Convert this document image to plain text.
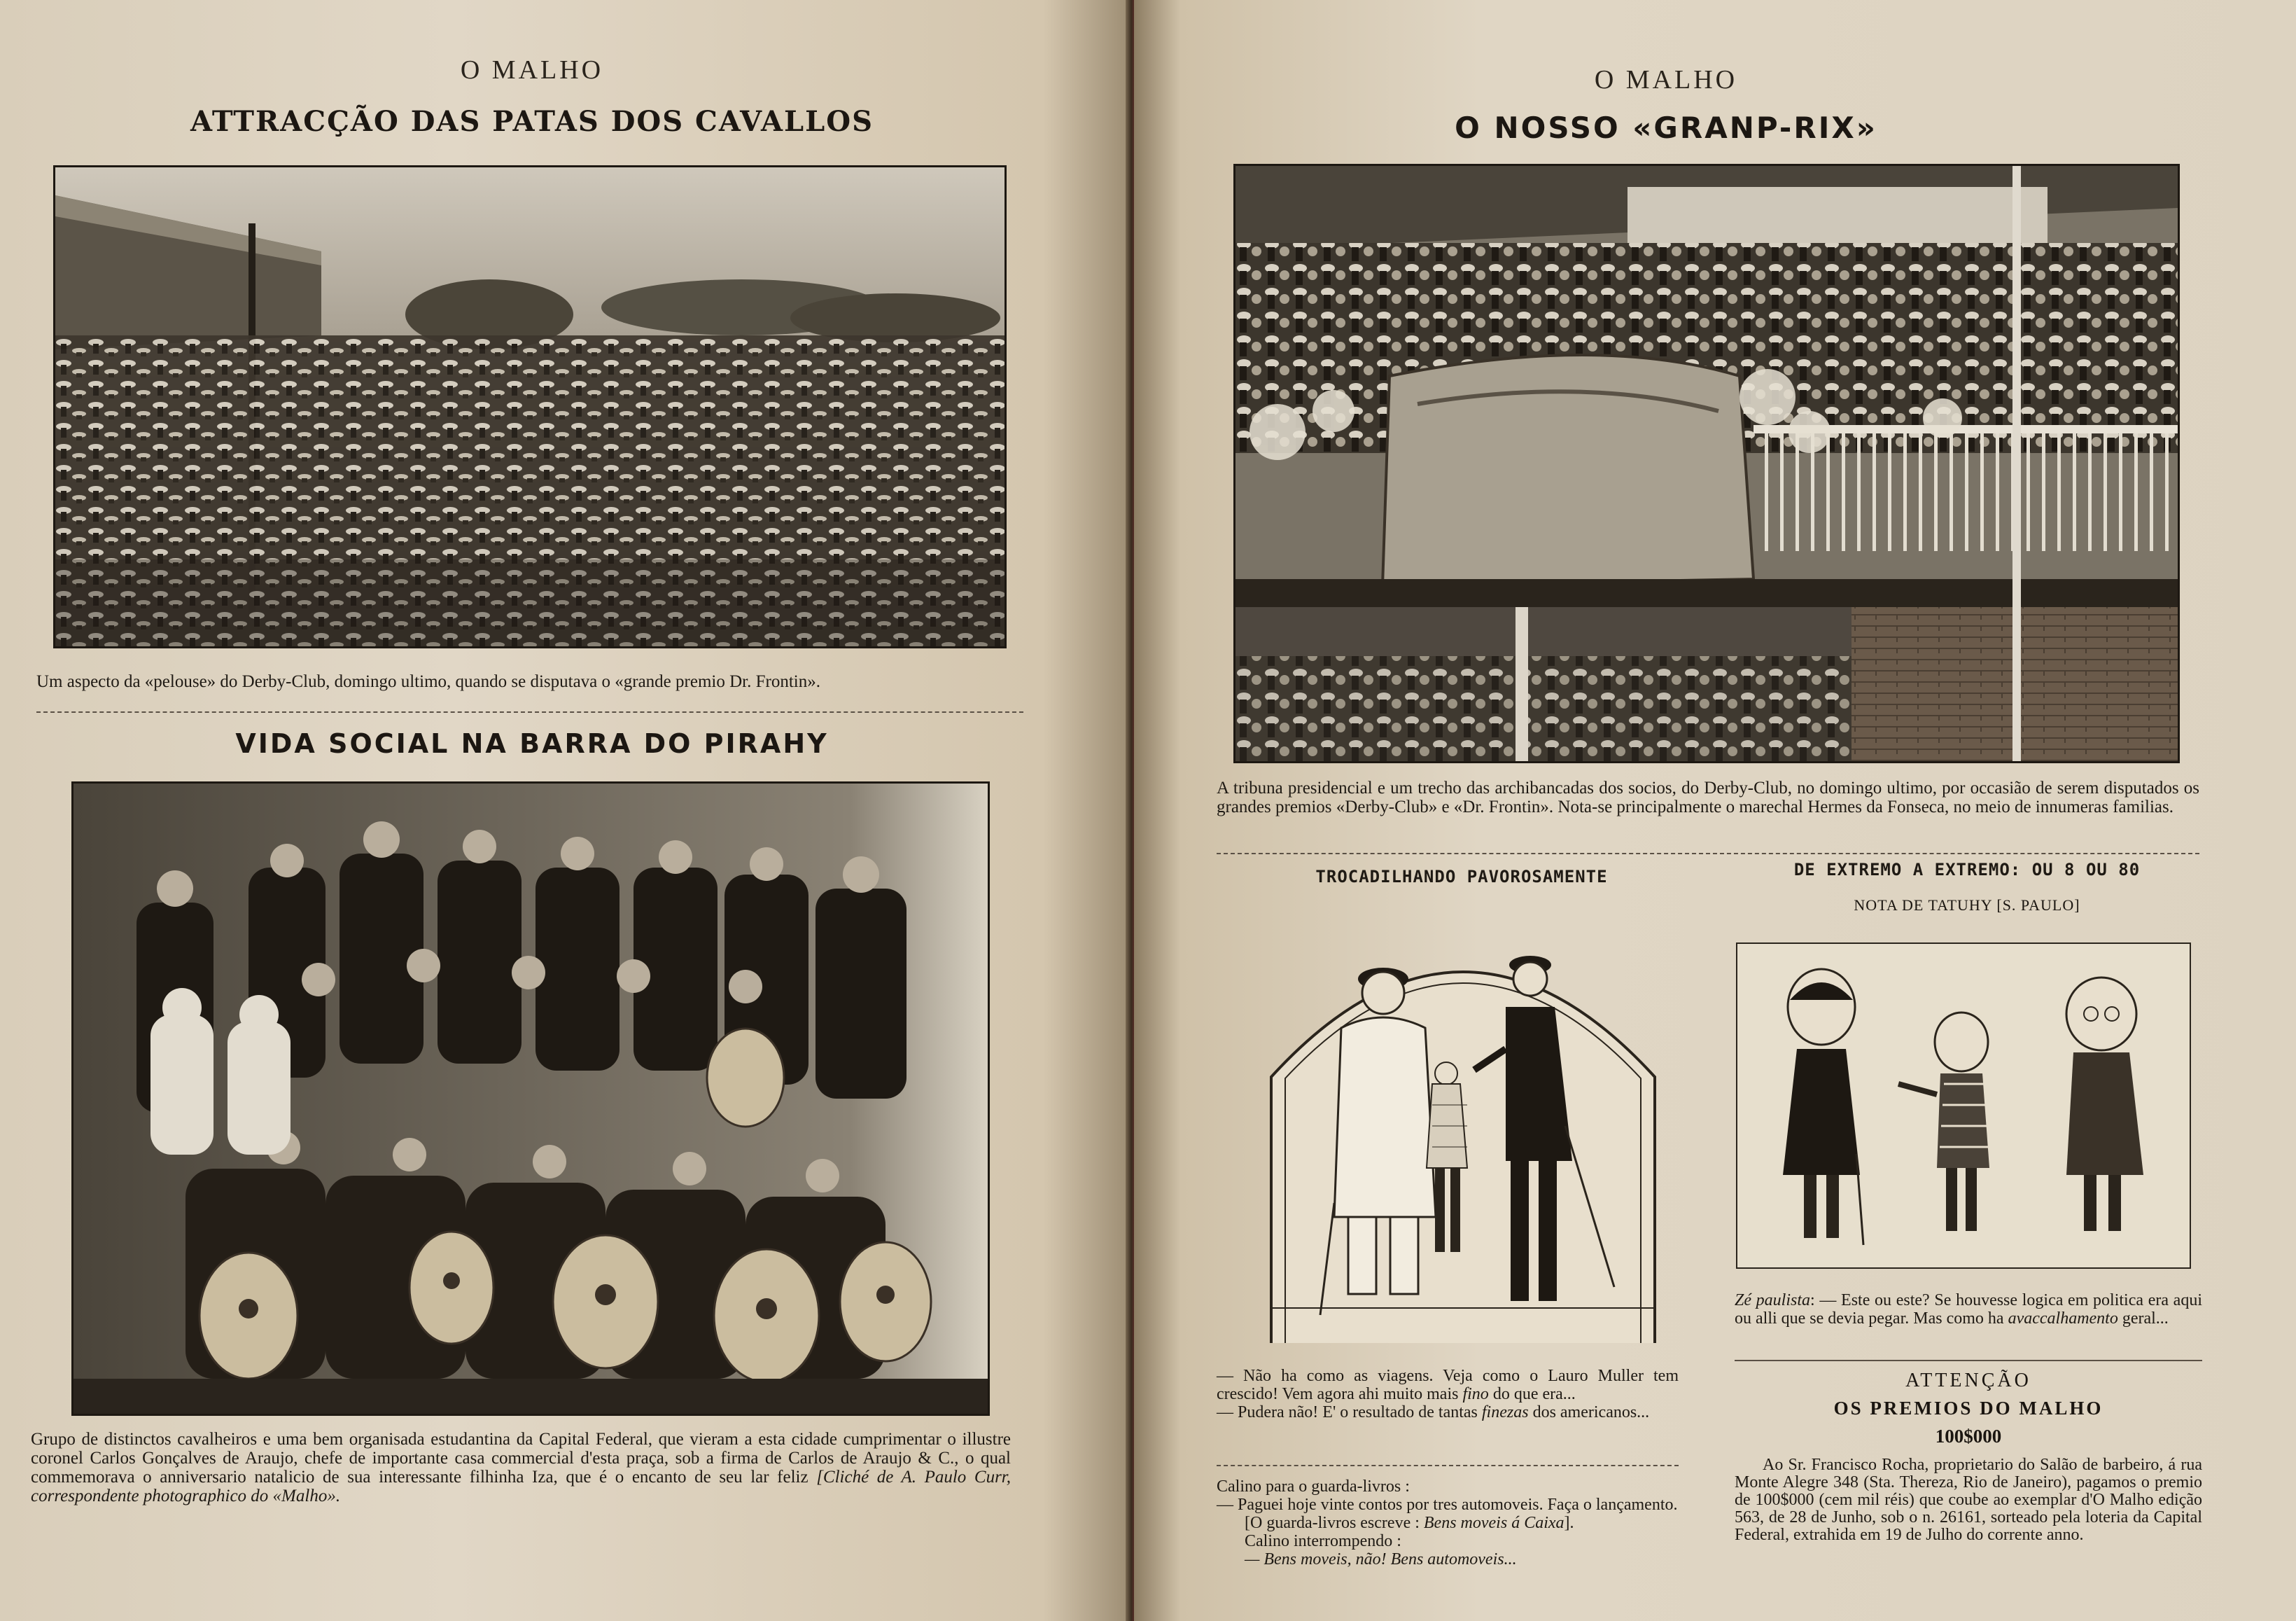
O MALHO
ATTRACÇÃO DAS PATAS DOS CAVALLOS
Um aspecto da «pelouse» do Derby-Club, domingo ultimo, quando se disputava o «grande premio Dr. Frontin».
VIDA SOCIAL NA BARRA DO PIRAHY
Grupo de distinctos cavalheiros e uma bem organisada estudantina da Capital Federal, que vieram a esta cidade cumprimentar o illustre coronel Carlos Gonçalves de Araujo, chefe de importante casa commercial d'esta praça, sob a firma de Carlos de Araujo & C., o qual commemorava o anniversario natalicio de sua interessante filhinha Iza, que é o encanto de seu lar feliz [Cliché de A. Paulo Curr, correspondente photographico do «Malho».
O MALHO
O NOSSO «GRANP-RIX»
A tribuna presidencial e um trecho das archibancadas dos socios, do Derby-Club, no domingo ultimo, por occasião de serem disputados os grandes premios «Derby-Club» e «Dr. Frontin». Nota-se principalmente o marechal Hermes da Fonseca, no meio de innumeras familias.
TROCADILHANDO PAVOROSAMENTE
— Não ha como as viagens. Veja como o Lauro Muller tem crescido! Vem agora ahi muito mais fino do que era...
— Pudera não! E' o resultado de tantas finezas dos americanos...
Calino para o guarda-livros :
— Paguei hoje vinte contos por tres automoveis. Faça o lançamento.
[O guarda-livros escreve : Bens moveis á Caixa].
Calino interrompendo :
— Bens moveis, não! Bens automoveis...
DE EXTREMO A EXTREMO: OU 8 OU 80
NOTA DE TATUHY [S. PAULO]
Zé paulista: — Este ou este? Se houvesse logica em politica era aqui ou alli que se devia pegar. Mas como ha avaccalhamento geral...
ATTENÇÃO
OS PREMIOS DO MALHO
100$000
Ao Sr. Francisco Rocha, proprietario do Salão de barbeiro, á rua Monte Alegre 348 (Sta. Thereza, Rio de Janeiro), pagamos o premio de 100$000 (cem mil réis) que coube ao exemplar d'O Malho edição 563, de 28 de Junho, sob o n. 26161, sorteado pela loteria da Capital Federal, extrahida em 19 de Julho do corrente anno.
